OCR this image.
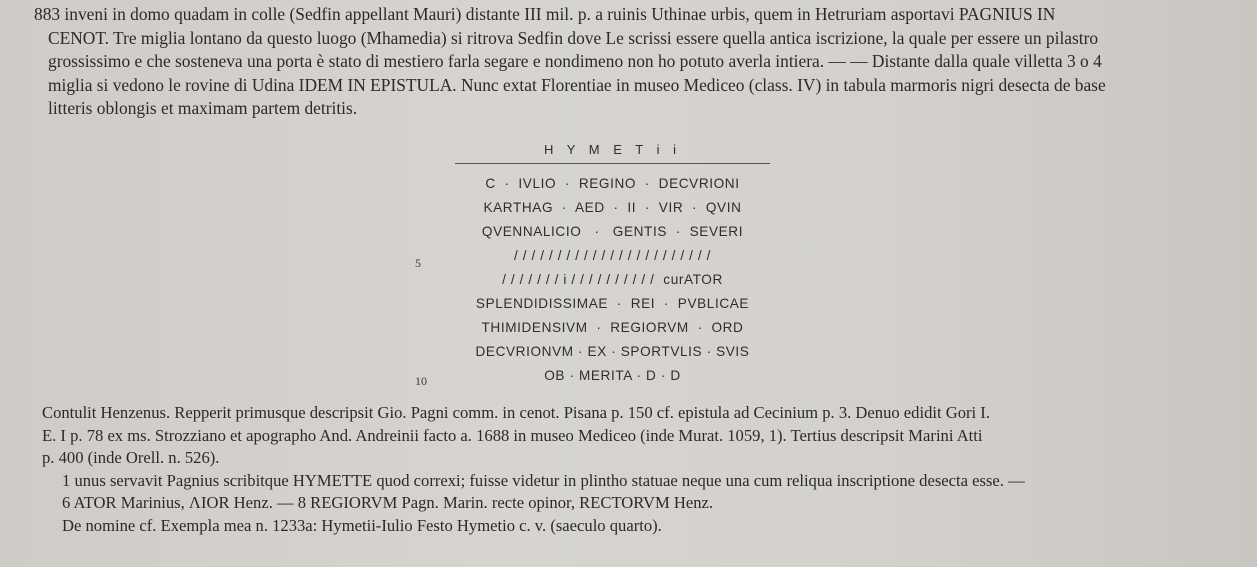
883 inveni in domo quadam in colle (Sedfin appellant Mauri) distante III mil. p. a ruinis Uthinae urbis, quem in Hetruriam asportavi PAGNIUS IN
CENOT. Tre miglia lontano da questo luogo (Mhamedia) si ritrova Sedfin dove Le scrissi essere quella antica iscrizione, la quale per essere un pilastro
grossissimo e che sosteneva una porta è stato di mestiero farla segare e nondimeno non ho potuto averla intiera. — — Distante dalla quale villetta 3 o 4
miglia si vedono le rovine di Udina IDEM IN EPISTULA. Nunc extat Florentiae in museo Mediceo (class. IV) in tabula marmoris nigri desecta de base
litteris oblongis et maximam partem detritis.
H Y M E T i i
C  ·  IVLIO  ·  REGINO  ·  DECVRIONI
KARTHAG  ·  AED  ·  II  ·  VIR  ·  QVIN
QVENNALICIO   ·   GENTIS  ·  SEVERI
/ / / / / / / / / / / / / / / / / / / / / / /
/ / / / / / / i / / / / / / / / / /  curATOR
SPLENDIDISSIMAE  ·  REI  ·  PVBLICAE
THIMIDENSIVM  ·  REGIORVM  ·  ORD
DECVRIONVM · EX · SPORTVLIS · SVIS
OB · MERITA · D · D
5
10
Contulit Henzenus. Repperit primusque descripsit Gio. Pagni comm. in cenot. Pisana p. 150 cf. epistula ad Cecinium p. 3. Denuo edidit Gori I.
E. I p. 78 ex ms. Strozziano et apographo And. Andreinii facto a. 1688 in museo Mediceo (inde Murat. 1059, 1). Tertius descripsit Marini Atti
p. 400 (inde Orell. n. 526).
1 unus servavit Pagnius scribitque HYMETTE quod correxi; fuisse videtur in plintho statuae neque una cum reliqua inscriptione desecta esse. —
6 ATOR Marinius, ΛIOR Henz. — 8 REGIORVM Pagn. Marin. recte opinor, RECTORVM Henz.
De nomine cf. Exempla mea n. 1233a: Hymetii-Iulio Festo Hymetio c. v. (saeculo quarto).
